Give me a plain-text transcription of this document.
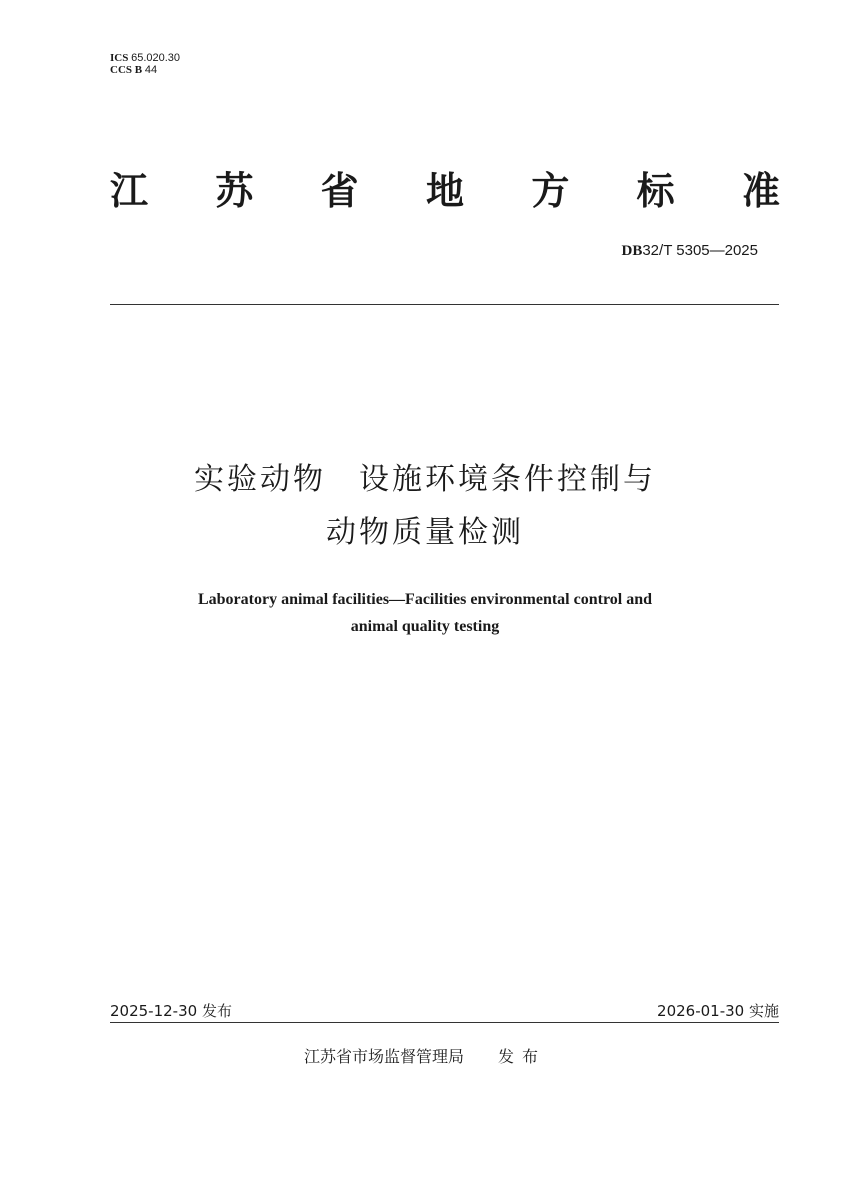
ICS 65.020.30
CCS B 44
江 苏 省 地 方 标 准
DB32/T 5305—2025
实验动物　设施环境条件控制与
动物质量检测
Laboratory animal facilities—Facilities environmental control and
animal quality testing
2025-12-30 发布	2026-01-30 实施
江苏省市场监督管理局 发布
